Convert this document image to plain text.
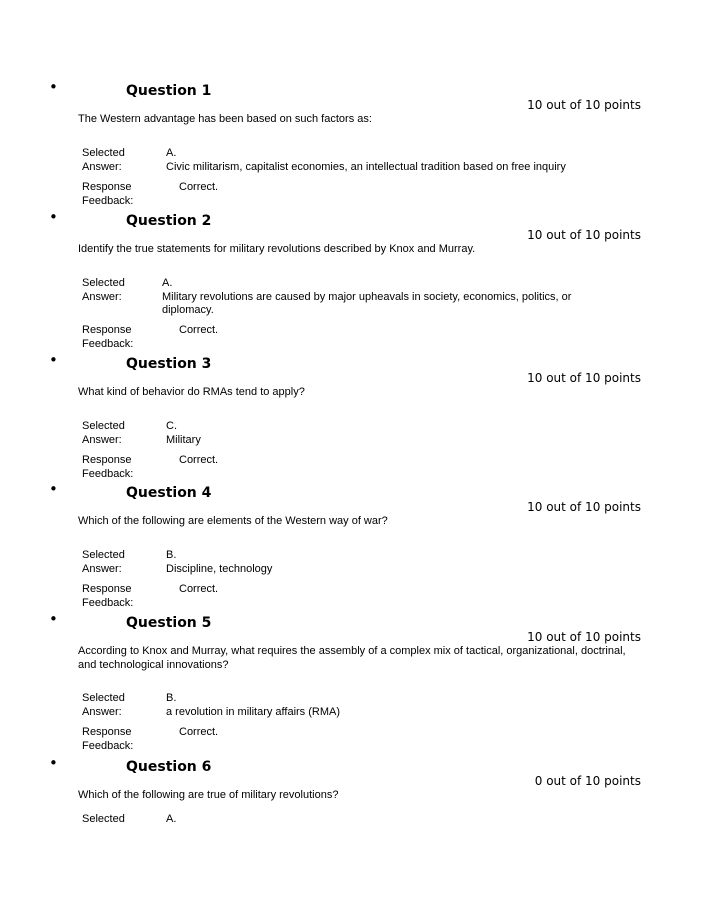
•	Question 1
10 out of 10 points
The Western advantage has been based on such factors as:
Selected Answer:
A.
Civic militarism, capitalist economies, an intellectual tradition based on free inquiry
Response Feedback:
Correct.
•	Question 2
10 out of 10 points
Identify the true statements for military revolutions described by Knox and Murray.
Selected Answer:
A.
Military revolutions are caused by major upheavals in society, economics, politics, or diplomacy.
Response Feedback:
Correct.
•	Question 3
10 out of 10 points
What kind of behavior do RMAs tend to apply?
Selected Answer:
C.
Military
Response Feedback:
Correct.
•	Question 4
10 out of 10 points
Which of the following are elements of the Western way of war?
Selected Answer:
B.
Discipline, technology
Response Feedback:
Correct.
•	Question 5
10 out of 10 points
According to Knox and Murray, what requires the assembly of a complex mix of tactical, organizational, doctrinal, and technological innovations?
Selected Answer:
B.
a revolution in military affairs (RMA)
Response Feedback:
Correct.
•	Question 6
0 out of 10 points
Which of the following are true of military revolutions?
Selected	A.
